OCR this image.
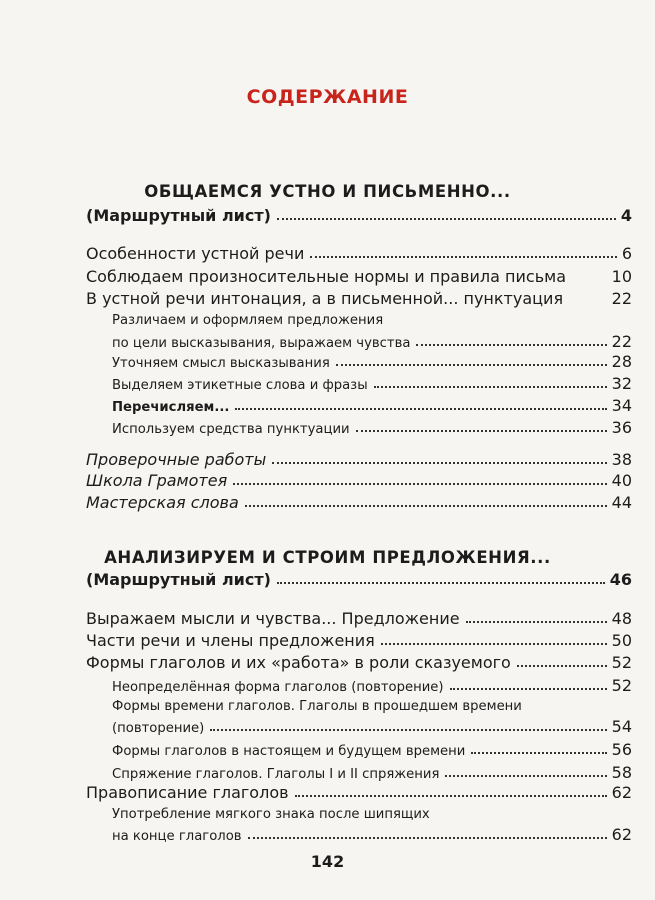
СОДЕРЖАНИЕ
ОБЩАЕМСЯ УСТНО И ПИСЬМЕННО...
(Маршрутный лист)	4
Особенности устной речи	6
Соблюдаем произносительные нормы и правила письма	10
В устной речи интонация, а в письменной... пунктуация	22
Различаем и оформляем предложения
по цели высказывания, выражаем чувства	22
Уточняем смысл высказывания	28
Выделяем этикетные слова и фразы	32
Перечисляем...	34
Используем средства пунктуации	36
Проверочные работы	38
Школа Грамотея	40
Мастерская слова	44
АНАЛИЗИРУЕМ И СТРОИМ ПРЕДЛОЖЕНИЯ...
(Маршрутный лист)	46
Выражаем мысли и чувства... Предложение	48
Части речи и члены предложения	50
Формы глаголов и их «работа» в роли сказуемого	52
Неопределённая форма глаголов (повторение)	52
Формы времени глаголов. Глаголы в прошедшем времени
(повторение)	54
Формы глаголов в настоящем и будущем времени	56
Спряжение глаголов. Глаголы I и II спряжения	58
Правописание глаголов	62
Употребление мягкого знака после шипящих
на конце глаголов	62
142
